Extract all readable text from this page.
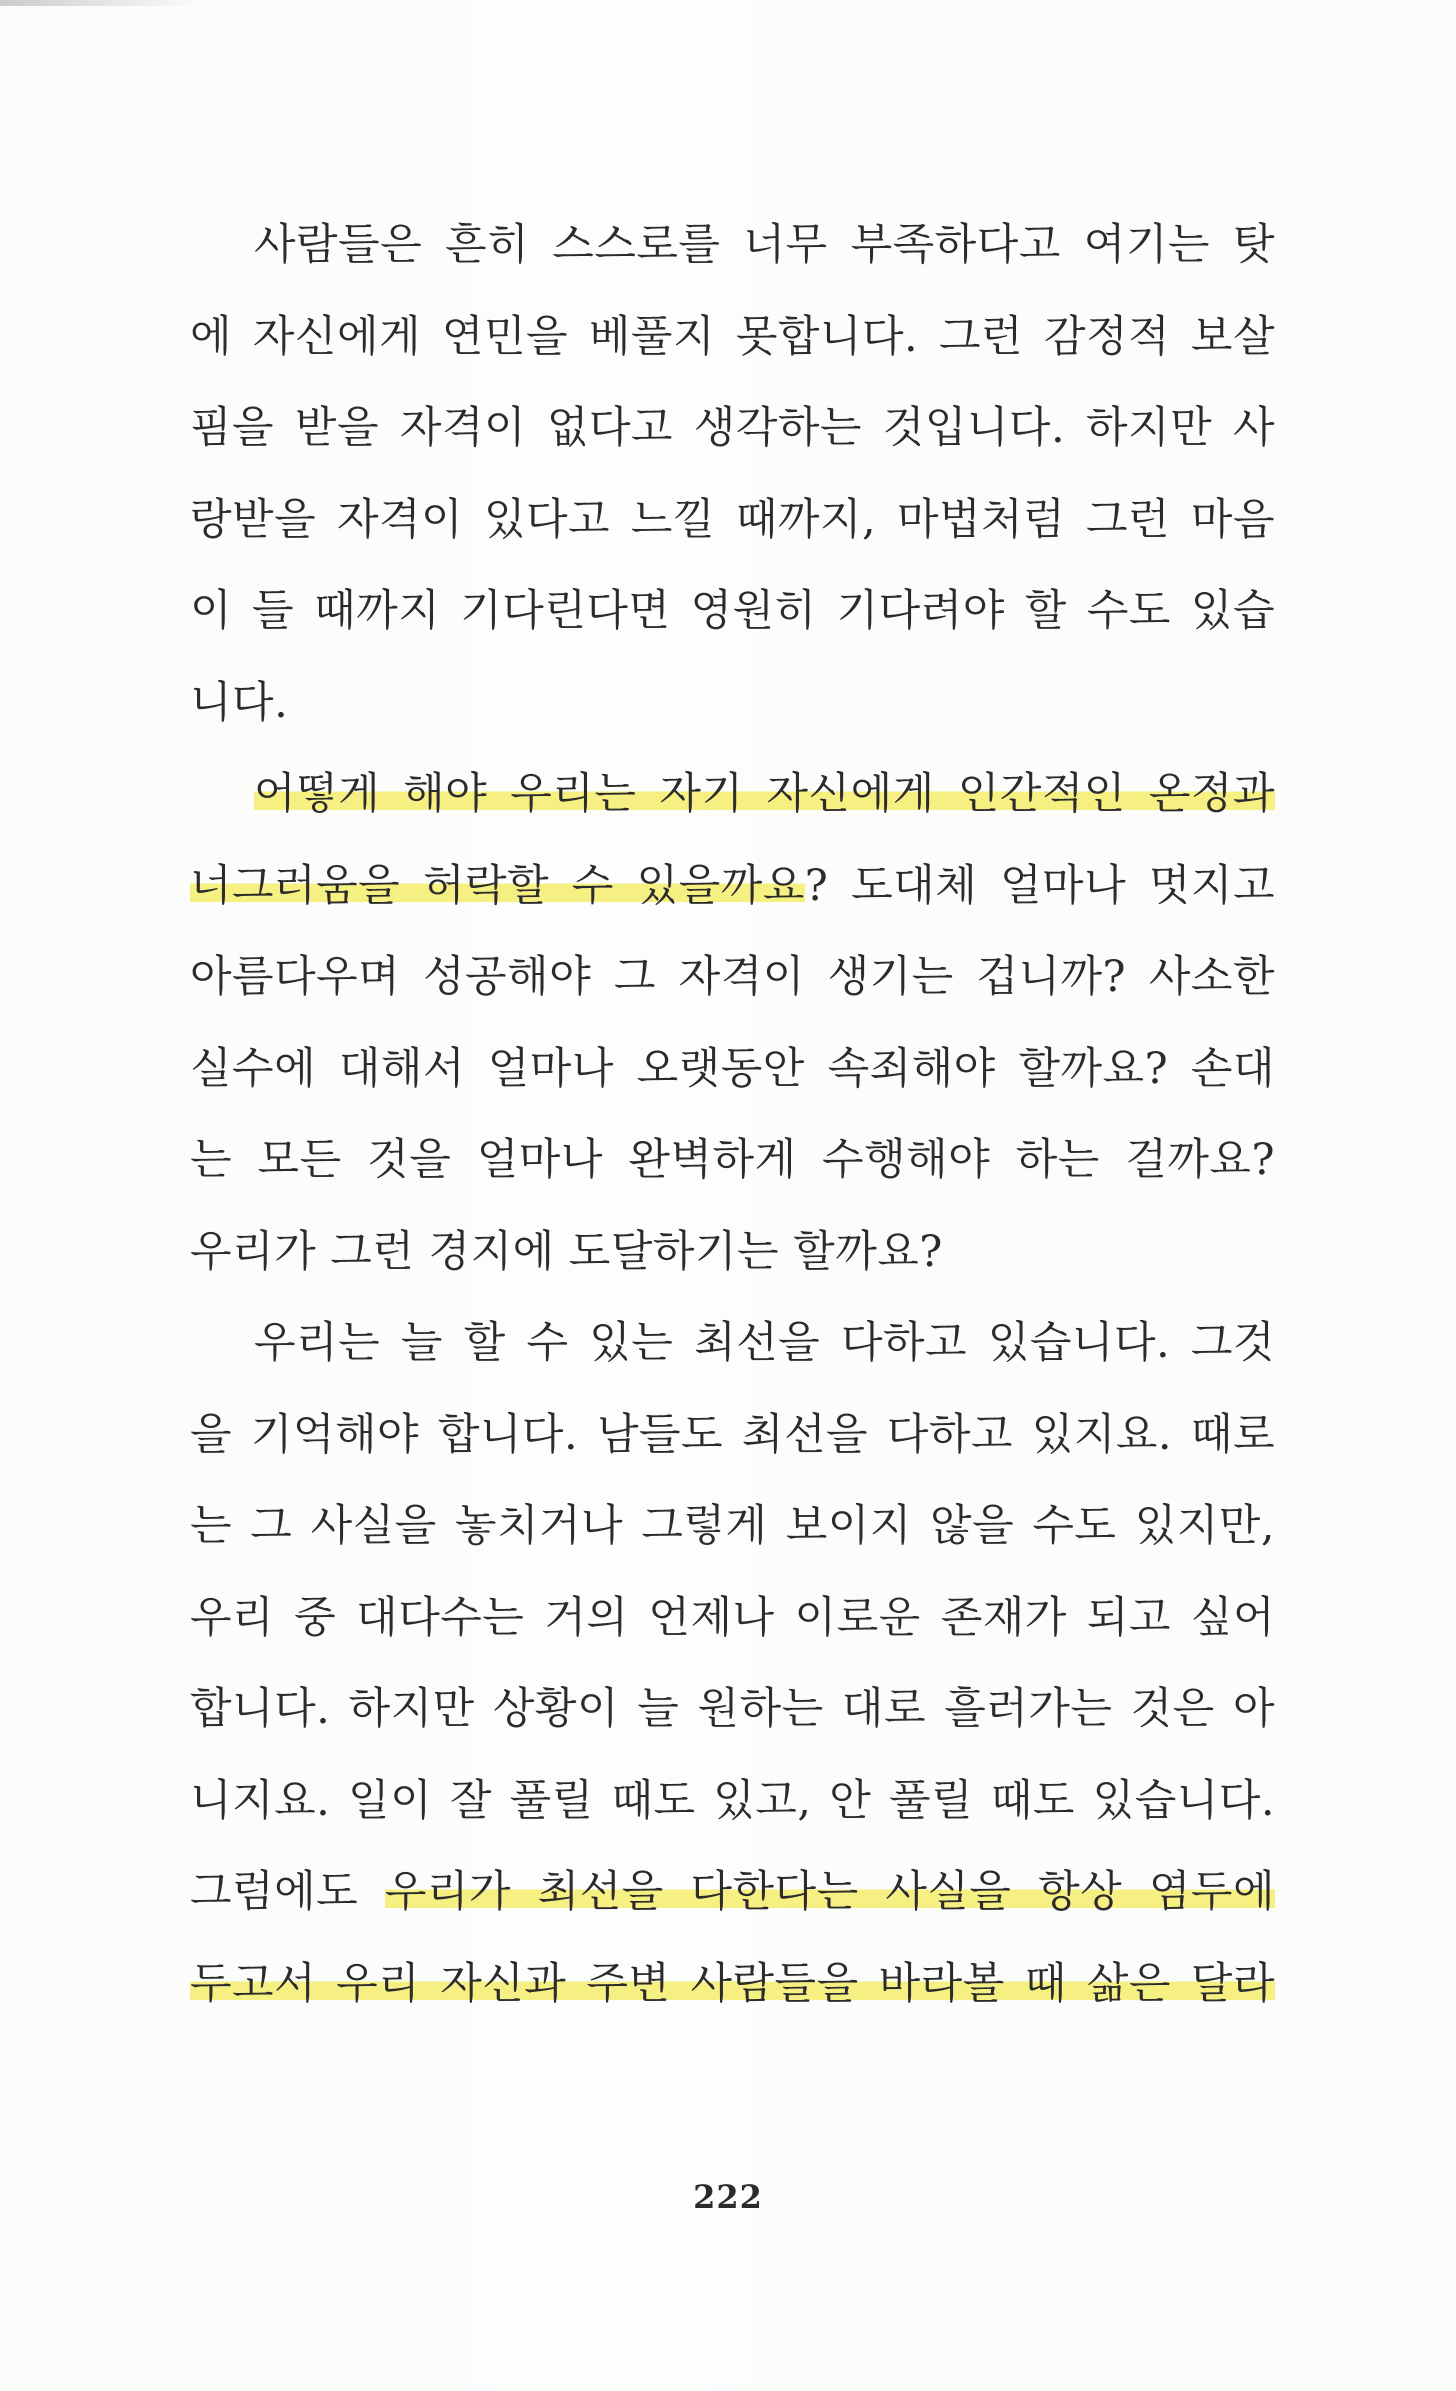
사람들은 흔히 스스로를 너무 부족하다고 여기는 탓
에 자신에게 연민을 베풀지 못합니다. 그런 감정적 보살
핌을 받을 자격이 없다고 생각하는 것입니다. 하지만 사
랑받을 자격이 있다고 느낄 때까지, 마법처럼 그런 마음
이 들 때까지 기다린다면 영원히 기다려야 할 수도 있습
니다.
어떻게 해야 우리는 자기 자신에게 인간적인 온정과
너그러움을 허락할 수 있을까요? 도대체 얼마나 멋지고
아름다우며 성공해야 그 자격이 생기는 겁니까? 사소한
실수에 대해서 얼마나 오랫동안 속죄해야 할까요? 손대
는 모든 것을 얼마나 완벽하게 수행해야 하는 걸까요?
우리가 그런 경지에 도달하기는 할까요?
우리는 늘 할 수 있는 최선을 다하고 있습니다. 그것
을 기억해야 합니다. 남들도 최선을 다하고 있지요. 때로
는 그 사실을 놓치거나 그렇게 보이지 않을 수도 있지만,
우리 중 대다수는 거의 언제나 이로운 존재가 되고 싶어
합니다. 하지만 상황이 늘 원하는 대로 흘러가는 것은 아
니지요. 일이 잘 풀릴 때도 있고, 안 풀릴 때도 있습니다.
그럼에도 우리가 최선을 다한다는 사실을 항상 염두에
두고서 우리 자신과 주변 사람들을 바라볼 때 삶은 달라
222
